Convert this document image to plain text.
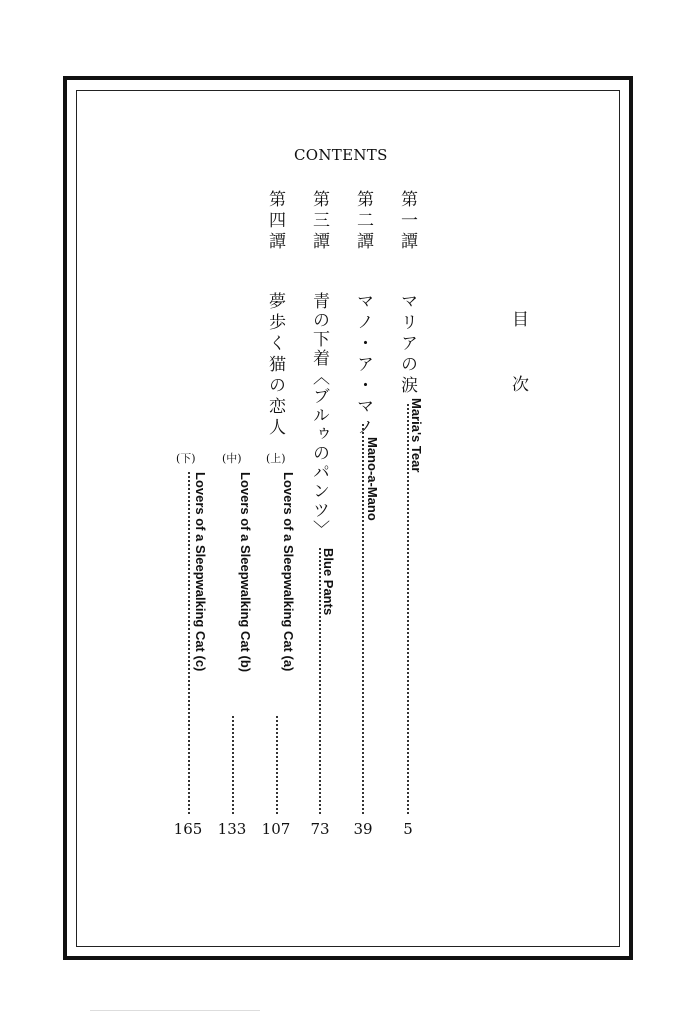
CONTENTS
目次
第一譚
マリアの涙
Maria's Tear
5
第二譚
マノ・ア・マノ
Mano-a-Mano
39
第三譚
青の下着〈ブルゥのパンツ〉
Blue Pants
73
第四譚
夢歩く猫の恋人
(上)
Lovers of a Sleepwalking Cat (a)
107
(中)
Lovers of a Sleepwalking Cat (b)
133
(下)
Lovers of a Sleepwalking Cat (c)
165
